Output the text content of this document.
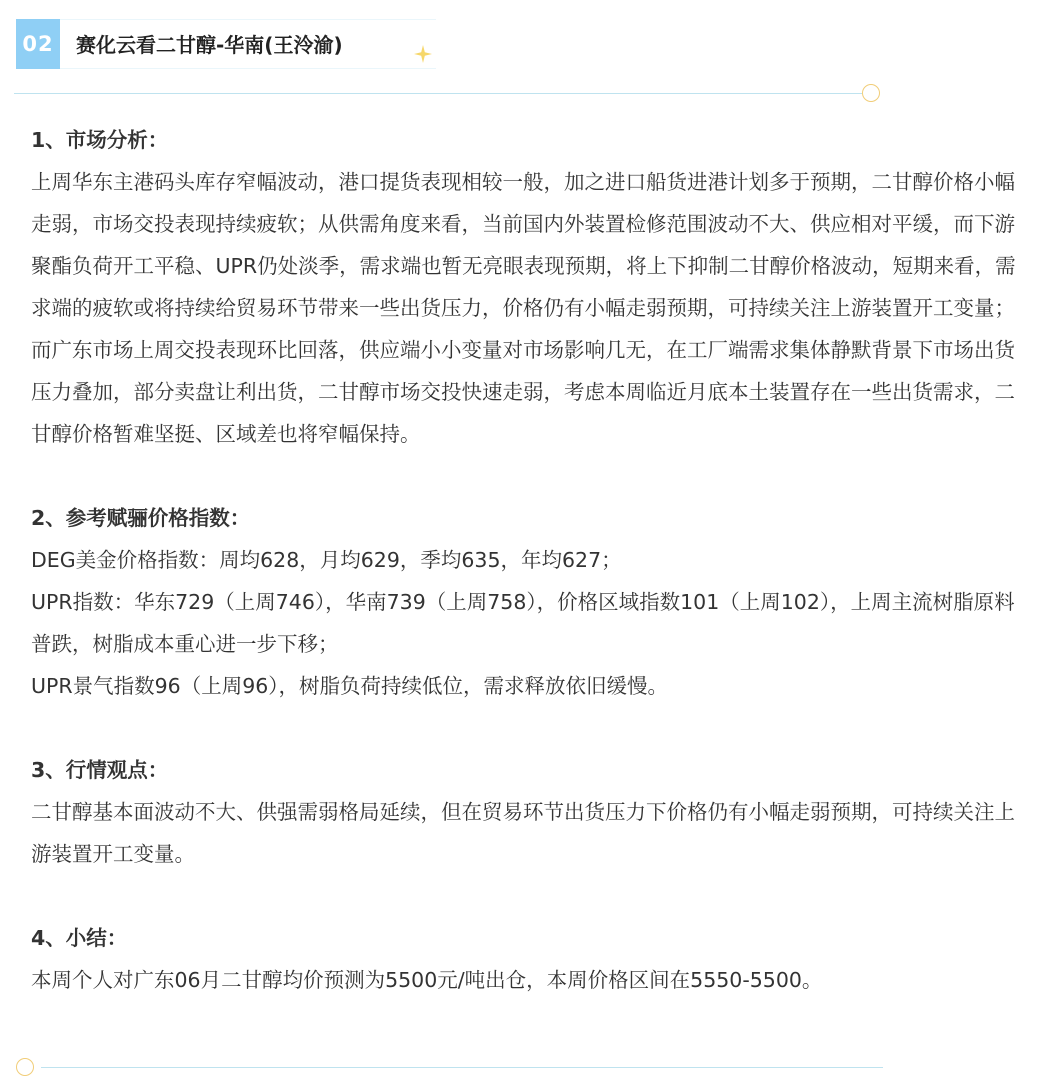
02	赛化云看二甘醇-华南(王泠渝)
1、市场分析：

上周华东主港码头库存窄幅波动，港口提货表现相较一般，加之进口船货进港计划多于预期，二甘醇价格小幅走弱，市场交投表现持续疲软；从供需角度来看，当前国内外装置检修范围波动不大、供应相对平缓，而下游聚酯负荷开工平稳、UPR仍处淡季，需求端也暂无亮眼表现预期，将上下抑制二甘醇价格波动，短期来看，需求端的疲软或将持续给贸易环节带来一些出货压力，价格仍有小幅走弱预期，可持续关注上游装置开工变量；而广东市场上周交投表现环比回落，供应端小小变量对市场影响几无，在工厂端需求集体静默背景下市场出货压力叠加，部分卖盘让利出货，二甘醇市场交投快速走弱，考虑本周临近月底本土装置存在一些出货需求，二甘醇价格暂难坚挺、区域差也将窄幅保持。

2、参考赋骊价格指数：

DEG美金价格指数：周均628，月均629，季均635，年均627；

UPR指数：华东729（上周746），华南739（上周758），价格区域指数101（上周102），上周主流树脂原料普跌，树脂成本重心进一步下移；

UPR景气指数96（上周96），树脂负荷持续低位，需求释放依旧缓慢。

3、行情观点：

二甘醇基本面波动不大、供强需弱格局延续，但在贸易环节出货压力下价格仍有小幅走弱预期，可持续关注上游装置开工变量。

4、小结：

本周个人对广东06月二甘醇均价预测为5500元/吨出仓，本周价格区间在5550-5500。
